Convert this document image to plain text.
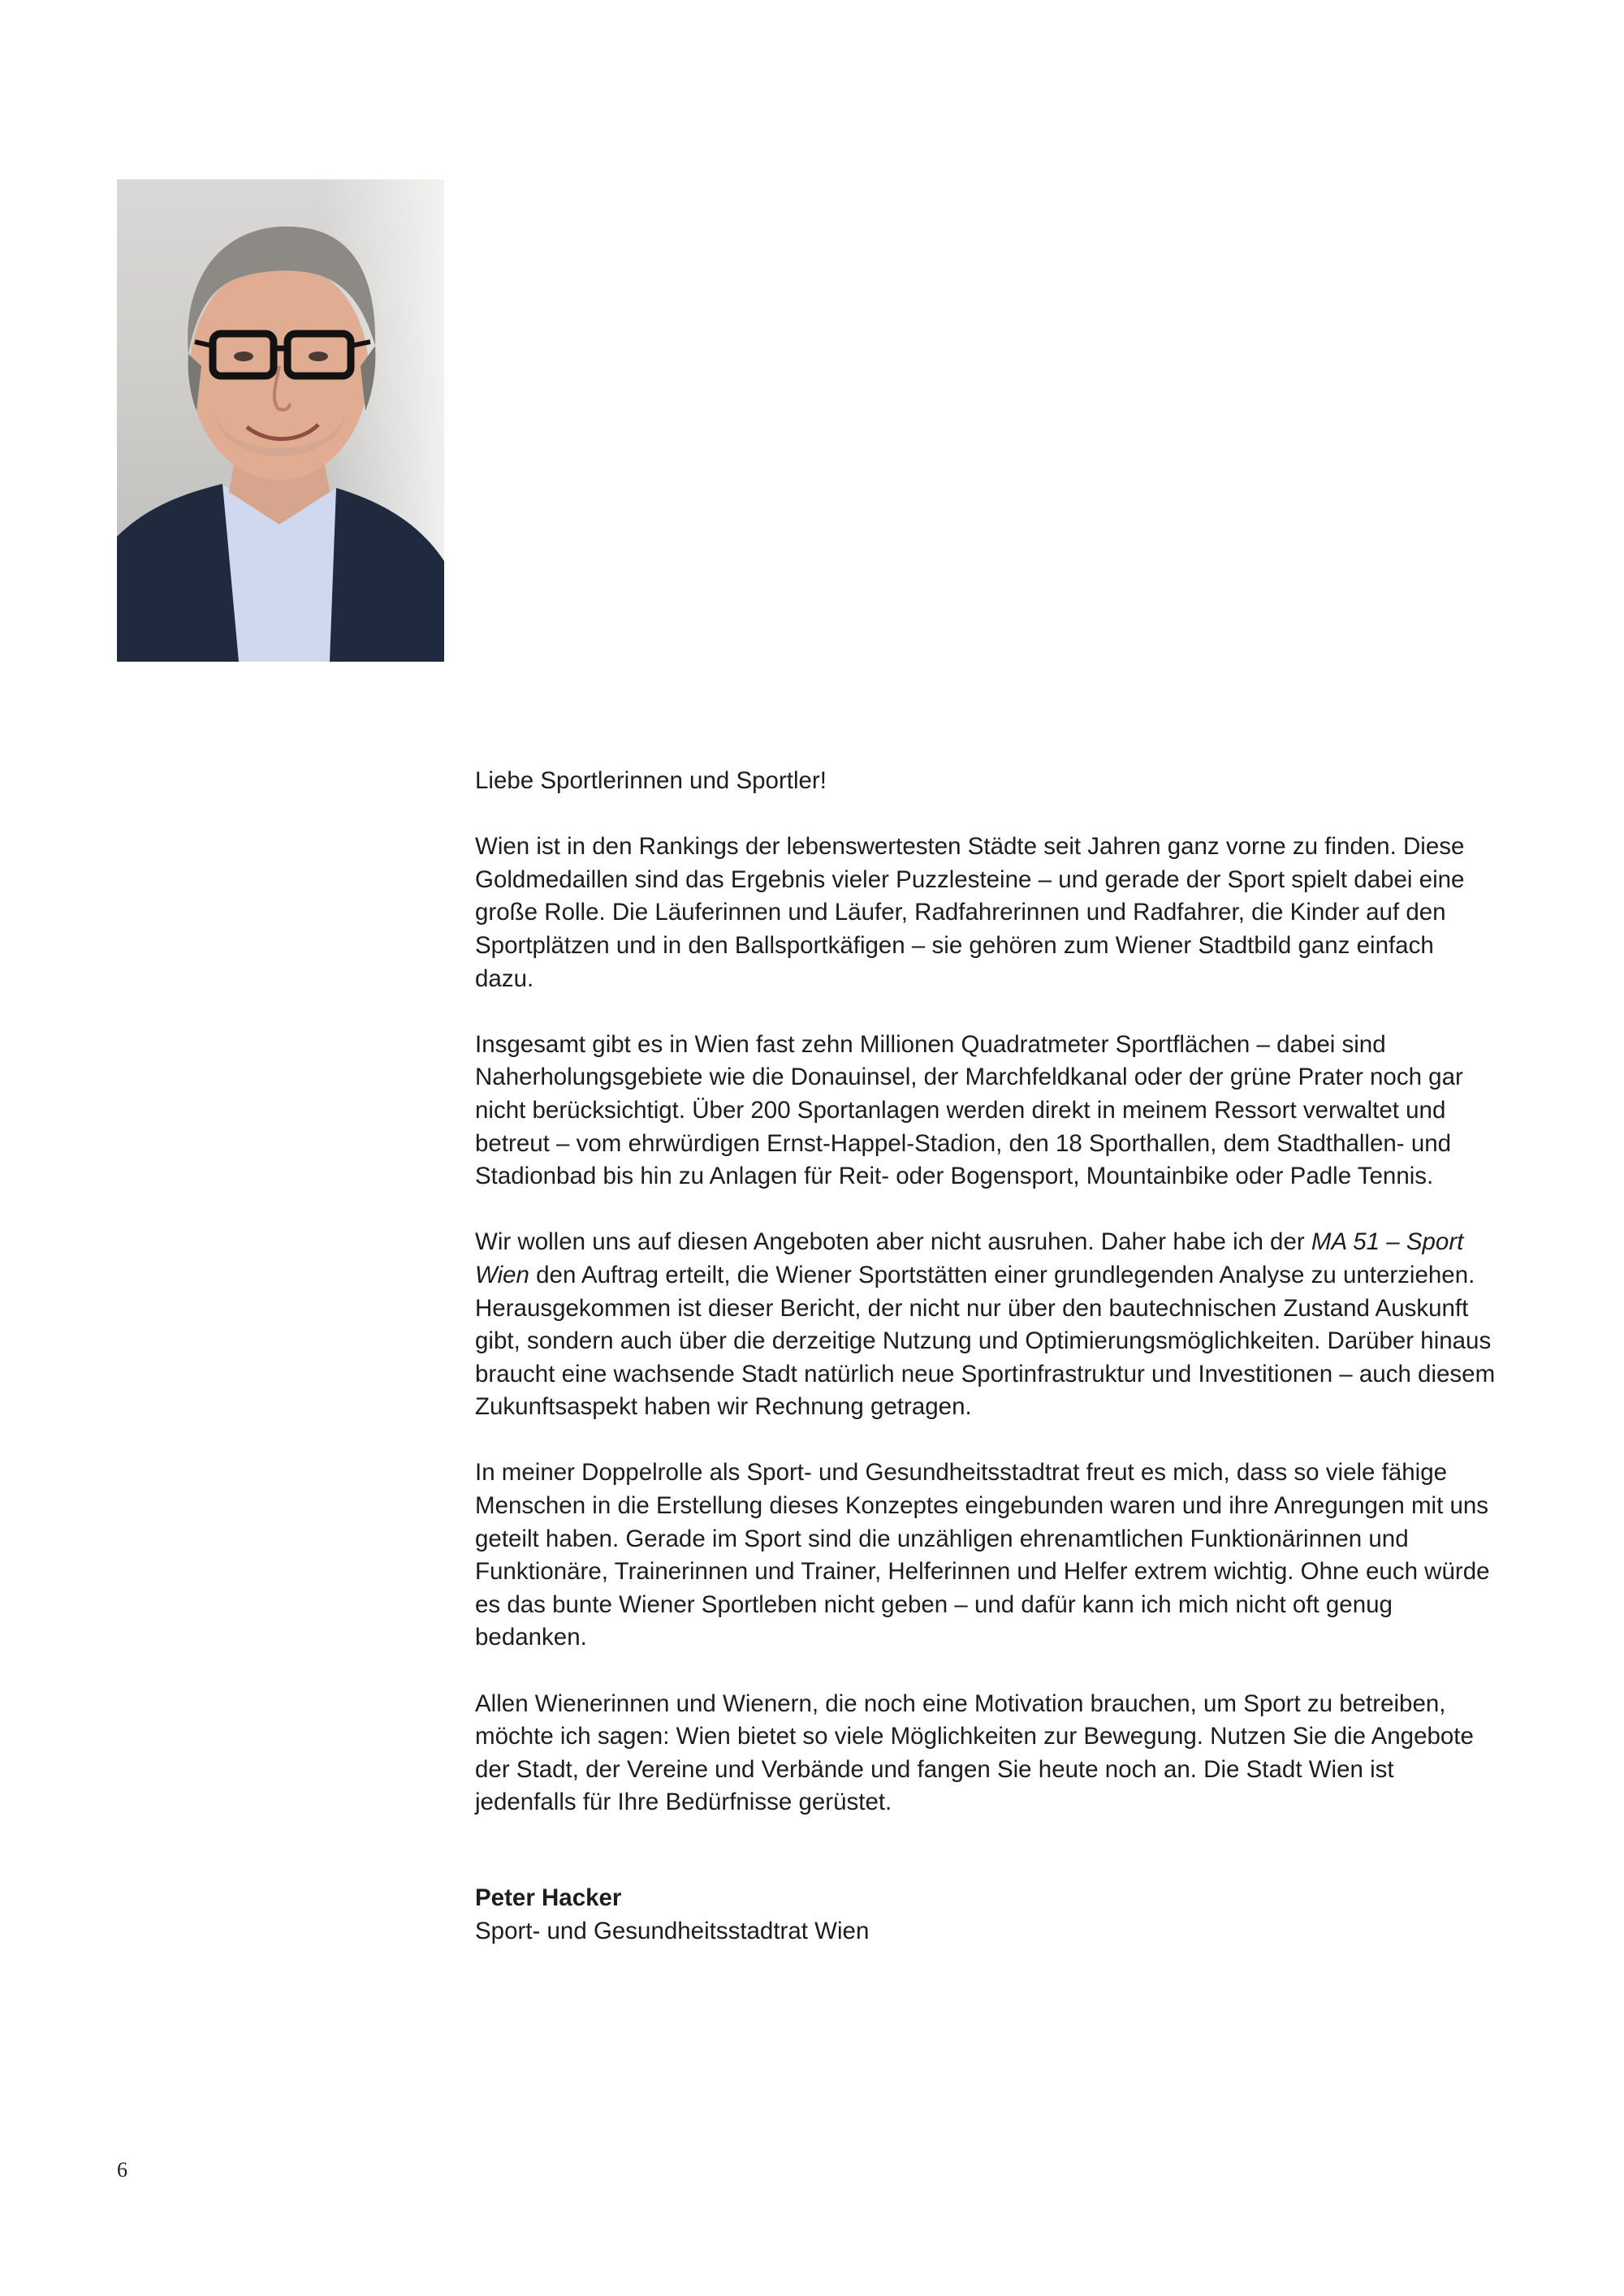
© David Bohmann / PID

Liebe Sportlerinnen und Sportler!

Wien ist in den Rankings der lebenswertesten Städte seit Jahren ganz vorne zu finden. Diese Goldmedaillen sind das Ergebnis vieler Puzzlesteine – und gerade der Sport spielt dabei eine große Rolle. Die Läuferinnen und Läufer, Radfahrerinnen und Radfahrer, die Kinder auf den Sportplätzen und in den Ballsportkäfigen – sie gehören zum Wiener Stadtbild ganz einfach dazu.

Insgesamt gibt es in Wien fast zehn Millionen Quadratmeter Sportflächen – dabei sind Naherholungsgebiete wie die Donauinsel, der Marchfeldkanal oder der grüne Prater noch gar nicht berücksichtigt. Über 200 Sportanlagen werden direkt in meinem Ressort verwaltet und betreut – vom ehrwürdigen Ernst-Happel-Stadion, den 18 Sporthallen, dem Stadthallen- und Stadionbad bis hin zu Anlagen für Reit- oder Bogensport, Mountainbike oder Padle Tennis.

Wir wollen uns auf diesen Angeboten aber nicht ausruhen. Daher habe ich der MA 51 – Sport Wien den Auftrag erteilt, die Wiener Sportstätten einer grundlegenden Analyse zu unterziehen. Herausgekommen ist dieser Bericht, der nicht nur über den bautechnischen Zustand Auskunft gibt, sondern auch über die derzeitige Nutzung und Optimierungsmöglichkeiten. Darüber hinaus braucht eine wachsende Stadt natürlich neue Sportinfrastruktur und Investitionen – auch diesem Zukunftsaspekt haben wir Rechnung getragen.

In meiner Doppelrolle als Sport- und Gesundheitsstadtrat freut es mich, dass so viele fähige Menschen in die Erstellung dieses Konzeptes eingebunden waren und ihre Anregungen mit uns geteilt haben. Gerade im Sport sind die unzähligen ehrenamtlichen Funktionärinnen und Funktionäre, Trainerinnen und Trainer, Helferinnen und Helfer extrem wichtig. Ohne euch würde es das bunte Wiener Sportleben nicht geben – und dafür kann ich mich nicht oft genug bedanken.

Allen Wienerinnen und Wienern, die noch eine Motivation brauchen, um Sport zu betreiben, möchte ich sagen: Wien bietet so viele Möglichkeiten zur Bewegung. Nutzen Sie die Angebote der Stadt, der Vereine und Verbände und fangen Sie heute noch an. Die Stadt Wien ist jedenfalls für Ihre Bedürfnisse gerüstet.

Peter Hacker
Sport- und Gesundheitsstadtrat Wien
6
